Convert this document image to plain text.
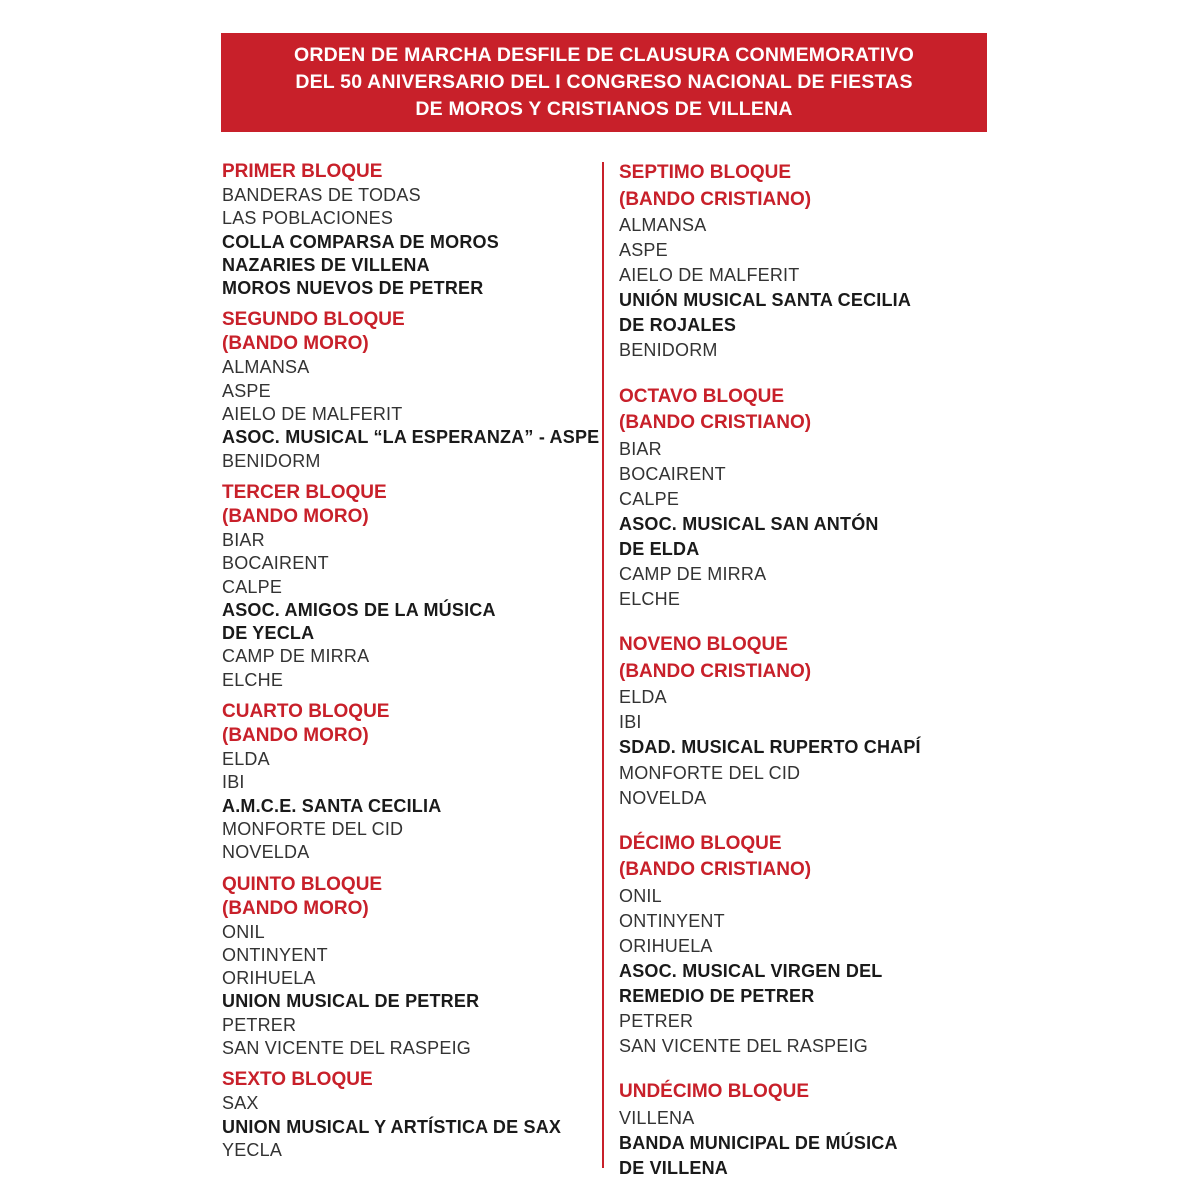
ORDEN DE MARCHA DESFILE DE CLAUSURA CONMEMORATIVO
DEL 50 ANIVERSARIO DEL I CONGRESO NACIONAL DE FIESTAS
DE MOROS Y CRISTIANOS DE VILLENA
PRIMER BLOQUE
BANDERAS DE TODAS
LAS POBLACIONES
COLLA COMPARSA DE MOROS
NAZARIES DE VILLENA
MOROS NUEVOS DE PETRER
SEGUNDO BLOQUE
(BANDO MORO)
ALMANSA
ASPE
AIELO DE MALFERIT
ASOC. MUSICAL “LA ESPERANZA” - ASPE
BENIDORM
TERCER BLOQUE
(BANDO MORO)
BIAR
BOCAIRENT
CALPE
ASOC. AMIGOS DE LA MÚSICA
DE YECLA
CAMP DE MIRRA
ELCHE
CUARTO BLOQUE
(BANDO MORO)
ELDA
IBI
A.M.C.E. SANTA CECILIA
MONFORTE DEL CID
NOVELDA
QUINTO BLOQUE
(BANDO MORO)
ONIL
ONTINYENT
ORIHUELA
UNION MUSICAL DE PETRER
PETRER
SAN VICENTE DEL RASPEIG
SEXTO BLOQUE
SAX
UNION MUSICAL Y ARTÍSTICA DE SAX
YECLA
SEPTIMO BLOQUE
(BANDO CRISTIANO)
ALMANSA
ASPE
AIELO DE MALFERIT
UNIÓN MUSICAL SANTA CECILIA
DE ROJALES
BENIDORM
OCTAVO BLOQUE
(BANDO CRISTIANO)
BIAR
BOCAIRENT
CALPE
ASOC. MUSICAL SAN ANTÓN
DE ELDA
CAMP DE MIRRA
ELCHE
NOVENO BLOQUE
(BANDO CRISTIANO)
ELDA
IBI
SDAD. MUSICAL RUPERTO CHAPÍ
MONFORTE DEL CID
NOVELDA
DÉCIMO BLOQUE
(BANDO CRISTIANO)
ONIL
ONTINYENT
ORIHUELA
ASOC. MUSICAL VIRGEN DEL
REMEDIO DE PETRER
PETRER
SAN VICENTE DEL RASPEIG
UNDÉCIMO BLOQUE
VILLENA
BANDA MUNICIPAL DE MÚSICA
DE VILLENA
